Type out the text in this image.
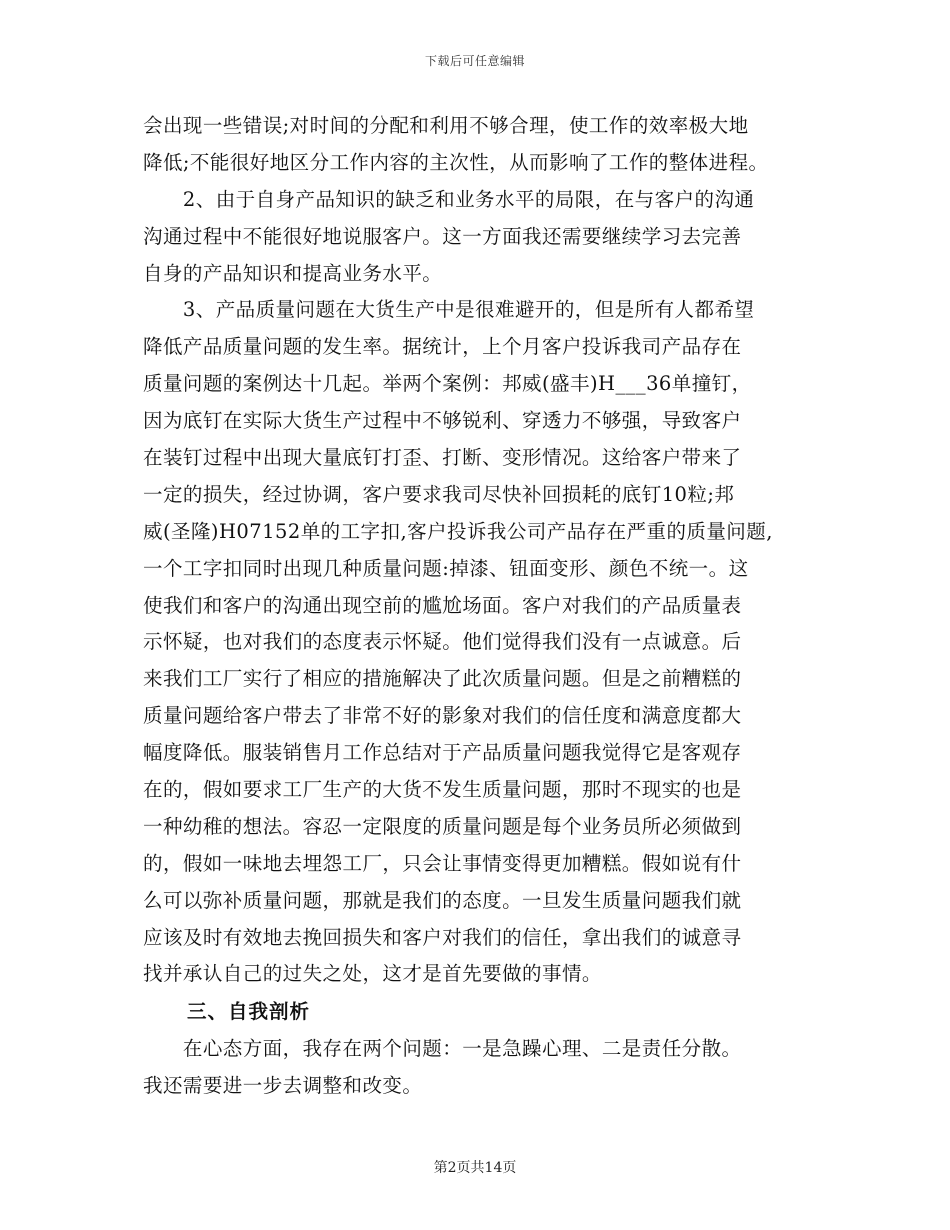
下载后可任意编辑
会出现一些错误;对时间的分配和利用不够合理，使工作的效率极大地
降低;不能很好地区分工作内容的主次性，从而影响了工作的整体进程。
　　2、由于自身产品知识的缺乏和业务水平的局限，在与客户的沟通
沟通过程中不能很好地说服客户。这一方面我还需要继续学习去完善
自身的产品知识和提高业务水平。
　　3、产品质量问题在大货生产中是很难避开的，但是所有人都希望
降低产品质量问题的发生率。据统计，上个月客户投诉我司产品存在
质量问题的案例达十几起。举两个案例：邦威(盛丰)H___36单撞钉，
因为底钉在实际大货生产过程中不够锐利、穿透力不够强，导致客户
在装钉过程中出现大量底钉打歪、打断、变形情况。这给客户带来了
一定的损失，经过协调，客户要求我司尽快补回损耗的底钉10粒;邦
威(圣隆)H07152单的工字扣,客户投诉我公司产品存在严重的质量问题,
一个工字扣同时出现几种质量问题:掉漆、钮面变形、颜色不统一。这
使我们和客户的沟通出现空前的尴尬场面。客户对我们的产品质量表
示怀疑，也对我们的态度表示怀疑。他们觉得我们没有一点诚意。后
来我们工厂实行了相应的措施解决了此次质量问题。但是之前糟糕的
质量问题给客户带去了非常不好的影象对我们的信任度和满意度都大
幅度降低。服装销售月工作总结对于产品质量问题我觉得它是客观存
在的，假如要求工厂生产的大货不发生质量问题，那时不现实的也是
一种幼稚的想法。容忍一定限度的质量问题是每个业务员所必须做到
的，假如一味地去埋怨工厂，只会让事情变得更加糟糕。假如说有什
么可以弥补质量问题，那就是我们的态度。一旦发生质量问题我们就
应该及时有效地去挽回损失和客户对我们的信任，拿出我们的诚意寻
找并承认自己的过失之处，这才是首先要做的事情。
三、自我剖析
　　在心态方面，我存在两个问题：一是急躁心理、二是责任分散。
我还需要进一步去调整和改变。
第2页共14页
